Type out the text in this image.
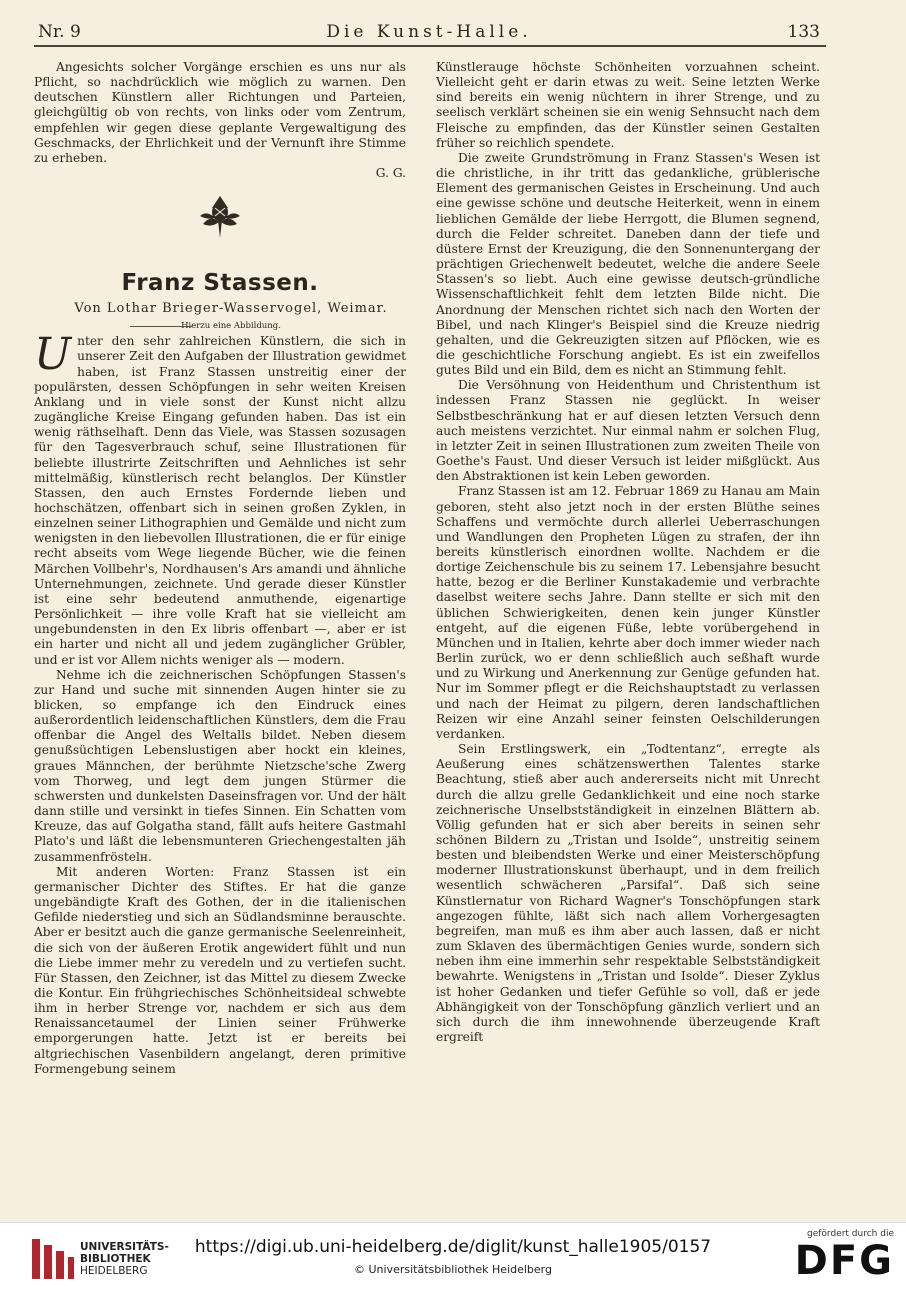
Nr. 9	Die Kunst-Halle.	133

Angesichts solcher Vorgänge erschien es uns nur als Pflicht, so nachdrücklich wie möglich zu warnen. Den deutschen Künstlern aller Richtungen und Parteien, gleichgültig ob von rechts, von links oder vom Zentrum, empfehlen wir gegen diese geplante Vergewaltigung des Geschmacks, der Ehrlichkeit und der Vernunft ihre Stimme zu erheben.

G. G.

Franz Stassen.

Von Lothar Brieger-Wasservogel, Weimar.

Hierzu eine Abbildung.

Unter den sehr zahlreichen Künstlern, die sich in unserer Zeit den Aufgaben der Illustration gewidmet haben, ist Franz Stassen unstreitig einer der populärsten, dessen Schöpfungen in sehr weiten Kreisen Anklang und in viele sonst der Kunst nicht allzu zugängliche Kreise Eingang gefunden haben. Das ist ein wenig räthselhaft. Denn das Viele, was Stassen sozusagen für den Tagesverbrauch schuf, seine Illustrationen für beliebte illustrirte Zeitschriften und Aehnliches ist sehr mittelmäßig, künstlerisch recht belanglos. Der Künstler Stassen, den auch Ernstes Fordernde lieben und hochschätzen, offenbart sich in seinen großen Zyklen, in einzelnen seiner Lithographien und Gemälde und nicht zum wenigsten in den liebevollen Illustrationen, die er für einige recht abseits vom Wege liegende Bücher, wie die feinen Märchen Vollbehr's, Nordhausen's Ars amandi und ähnliche Unternehmungen, zeichnete. Und gerade dieser Künstler ist eine sehr bedeutend anmuthende, eigenartige Persönlichkeit — ihre volle Kraft hat sie vielleicht am ungebundensten in den Ex libris offenbart —, aber er ist ein harter und nicht all und jedem zugänglicher Grübler, und er ist vor Allem nichts weniger als — modern.

Nehme ich die zeichnerischen Schöpfungen Stassen's zur Hand und suche mit sinnenden Augen hinter sie zu blicken, so empfange ich den Eindruck eines außerordentlich leidenschaftlichen Künstlers, dem die Frau offenbar die Angel des Weltalls bildet. Neben diesem genußsüchtigen Lebenslustigen aber hockt ein kleines, graues Männchen, der berühmte Nietzsche'sche Zwerg vom Thorweg, und legt dem jungen Stürmer die schwersten und dunkelsten Daseinsfragen vor. Und der hält dann stille und versinkt in tiefes Sinnen. Ein Schatten vom Kreuze, das auf Golgatha stand, fällt aufs heitere Gastmahl Plato's und läßt die lebensmunteren Griechengestalten jäh zusammenfröstelн.

Mit anderen Worten: Franz Stassen ist ein germanischer Dichter des Stiftes. Er hat die ganze ungebändigte Kraft des Gothen, der in die italienischen Gefilde niederstieg und sich an Südlandsminne berauschte. Aber er besitzt auch die ganze germanische Seelenreinheit, die sich von der äußeren Erotik angewidert fühlt und nun die Liebe immer mehr zu veredeln und zu vertiefen sucht. Für Stassen, den Zeichner, ist das Mittel zu diesem Zwecke die Kontur. Ein frühgriechisches Schönheitsideal schwebte ihm in herber Strenge vor, nachdem er sich aus dem Renaissancetaumel der Linien seiner Frühwerke emporgerungen hatte. Jetzt ist er bereits bei altgriechischen Vasenbildern angelangt, deren primitive Formengebung seinem

Künstlerauge höchste Schönheiten vorzuahnen scheint. Vielleicht geht er darin etwas zu weit. Seine letzten Werke sind bereits ein wenig nüchtern in ihrer Strenge, und zu seelisch verklärt scheinen sie ein wenig Sehnsucht nach dem Fleische zu empfinden, das der Künstler seinen Gestalten früher so reichlich spendete.

Die zweite Grundströmung in Franz Stassen's Wesen ist die christliche, in ihr tritt das gedankliche, grüblerische Element des germanischen Geistes in Erscheinung. Und auch eine gewisse schöne und deutsche Heiterkeit, wenn in einem lieblichen Gemälde der liebe Herrgott, die Blumen segnend, durch die Felder schreitet. Daneben dann der tiefe und düstere Ernst der Kreuzigung, die den Sonnenuntergang der prächtigen Griechenwelt bedeutet, welche die andere Seele Stassen's so liebt. Auch eine gewisse deutsch-gründliche Wissenschaftlichkeit fehlt dem letzten Bilde nicht. Die Anordnung der Menschen richtet sich nach den Worten der Bibel, und nach Klinger's Beispiel sind die Kreuze niedrig gehalten, und die Gekreuzigten sitzen auf Pflöcken, wie es die geschichtliche Forschung angiebt. Es ist ein zweifellos gutes Bild und ein Bild, dem es nicht an Stimmung fehlt.

Die Versöhnung von Heidenthum und Christenthum ist indessen Franz Stassen nie geglückt. In weiser Selbstbeschränkung hat er auf diesen letzten Versuch denn auch meistens verzichtet. Nur einmal nahm er solchen Flug, in letzter Zeit in seinen Illustrationen zum zweiten Theile von Goethe's Faust. Und dieser Versuch ist leider mißglückt. Aus den Abstraktionen ist kein Leben geworden.

Franz Stassen ist am 12. Februar 1869 zu Hanau am Main geboren, steht also jetzt noch in der ersten Blüthe seines Schaffens und vermöchte durch allerlei Ueberraschungen und Wandlungen den Propheten Lügen zu strafen, der ihn bereits künstlerisch einordnen wollte. Nachdem er die dortige Zeichenschule bis zu seinem 17. Lebensjahre besucht hatte, bezog er die Berliner Kunstakademie und verbrachte daselbst weitere sechs Jahre. Dann stellte er sich mit den üblichen Schwierigkeiten, denen kein junger Künstler entgeht, auf die eigenen Füße, lebte vorübergehend in München und in Italien, kehrte aber doch immer wieder nach Berlin zurück, wo er denn schließlich auch seßhaft wurde und zu Wirkung und Anerkennung zur Genüge gefunden hat. Nur im Sommer pflegt er die Reichshauptstadt zu verlassen und nach der Heimat zu pilgern, deren landschaftlichen Reizen wir eine Anzahl seiner feinsten Oelschilderungen verdanken.

Sein Erstlingswerk, ein „Todtentanz“, erregte als Aeußerung eines schätzenswerthen Talentes starke Beachtung, stieß aber auch andererseits nicht mit Unrecht durch die allzu grelle Gedanklichkeit und eine noch starke zeichnerische Unselbstständigkeit in einzelnen Blättern ab. Völlig gefunden hat er sich aber bereits in seinen sehr schönen Bildern zu „Tristan und Isolde“, unstreitig seinem besten und bleibendsten Werke und einer Meisterschöpfung moderner Illustrationskunst überhaupt, und in dem freilich wesentlich schwächeren „Parsifal“. Daß sich seine Künstlernatur von Richard Wagner's Tonschöpfungen stark angezogen fühlte, läßt sich nach allem Vorhergesagten begreifen, man muß es ihm aber auch lassen, daß er nicht zum Sklaven des übermächtigen Genies wurde, sondern sich neben ihm eine immerhin sehr respektable Selbstständigkeit bewahrte. Wenigstens in „Tristan und Isolde“. Dieser Zyklus ist hoher Gedanken und tiefer Gefühle so voll, daß er jede Abhängigkeit von der Tonschöpfung gänzlich verliert und an sich durch die ihm innewohnende überzeugende Kraft ergreift

UNIVERSITÄTS-
BIBLIOTHEK
HEIDELBERG
https://digi.ub.uni-heidelberg.de/diglit/kunst_halle1905/0157
© Universitätsbibliothek Heidelberg
gefördert durch die
DFG
